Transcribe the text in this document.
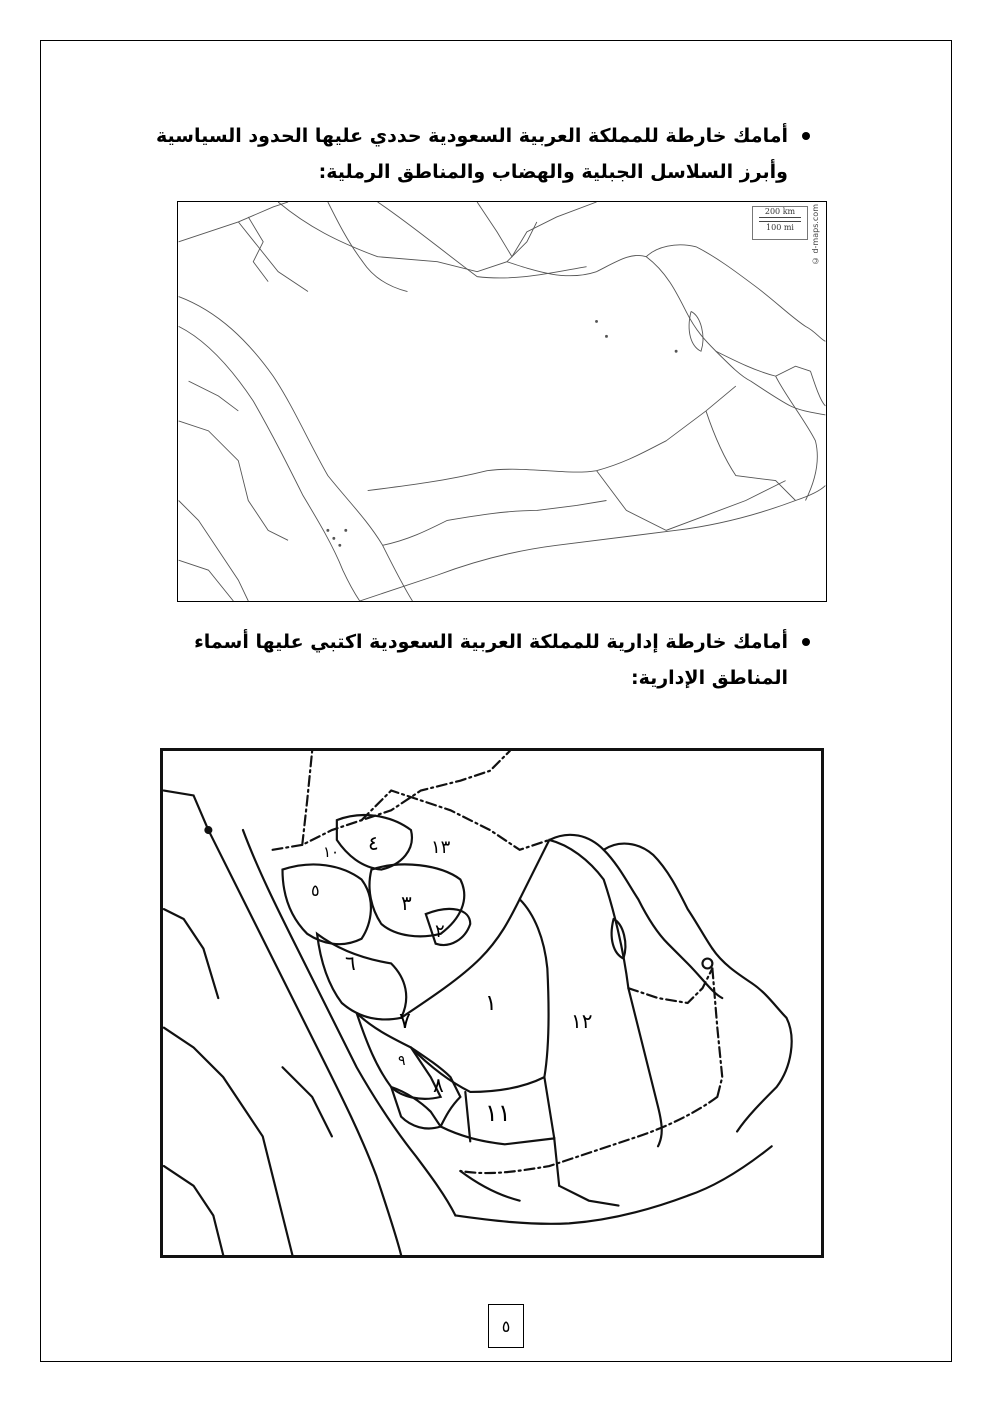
أمامك خارطة للمملكة العربية السعودية حددي عليها الحدود السياسية
وأبرز السلاسل الجبلية والهضاب والمناطق الرملية:
200 km
100 mi	© d-maps.com
أمامك خارطة إدارية للمملكة العربية السعودية اكتبي عليها أسماء
المناطق الإدارية:
١
٢
٣
٤
٥
٦
٧
٨
٩
١٠
١١
١٢
١٣
٥
